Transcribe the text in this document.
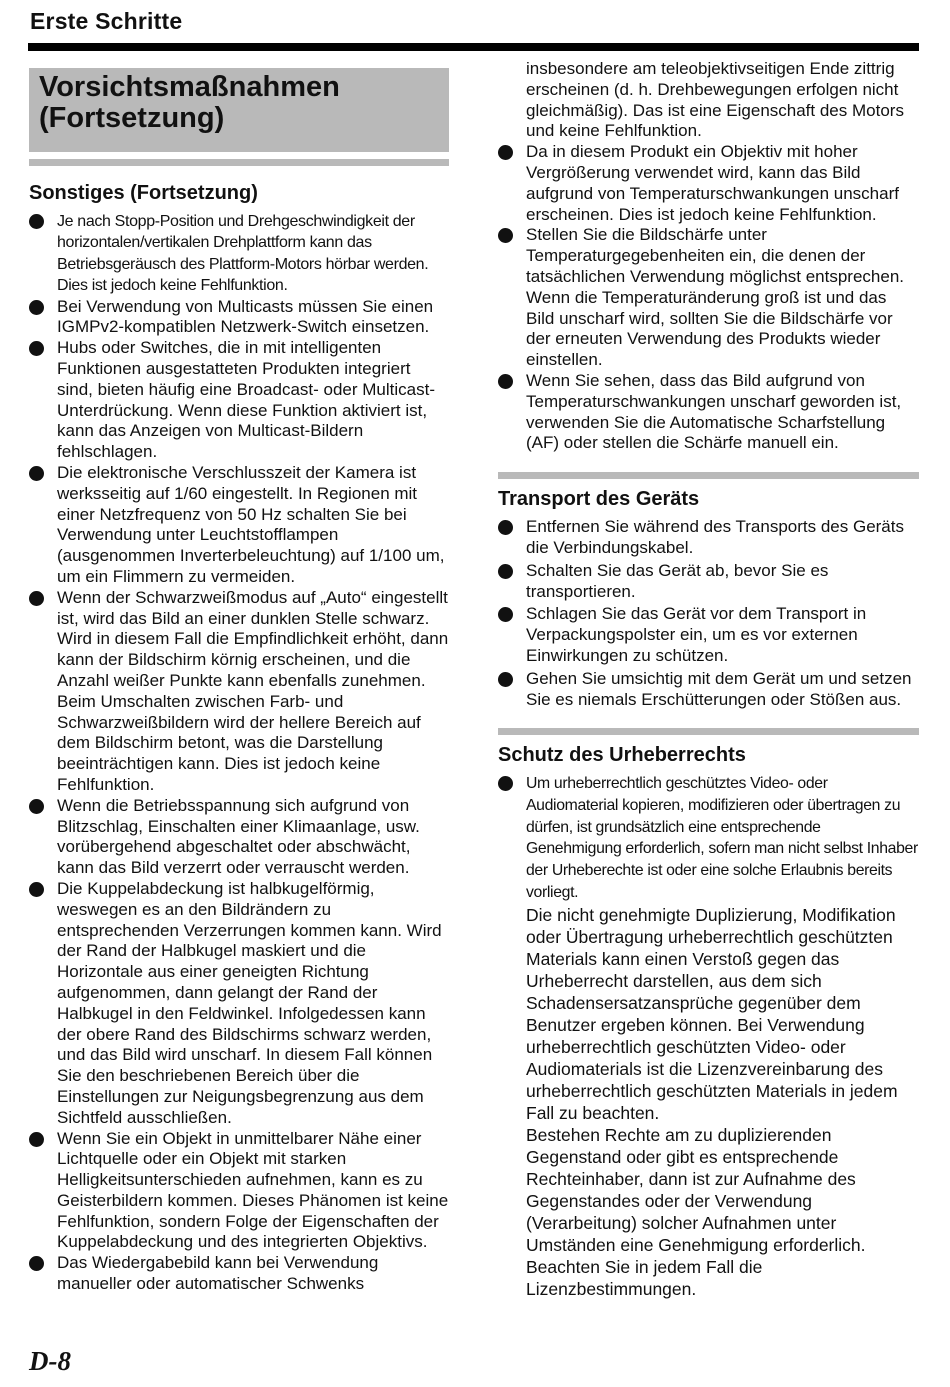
Erste Schritte
Vorsichtsmaßnahmen (Fortsetzung)
Sonstiges (Fortsetzung)
Je nach Stopp-Position und Drehgeschwindigkeit der horizontalen/vertikalen Drehplattform kann das Betriebsgeräusch des Plattform-Motors hörbar werden. Dies ist jedoch keine Fehlfunktion.
Bei Verwendung von Multicasts müssen Sie einen IGMPv2-kompatiblen Netzwerk-Switch einsetzen.
Hubs oder Switches, die in mit intelligenten Funktionen ausgestatteten Produkten integriert sind, bieten häufig eine Broadcast- oder Multicast-Unterdrückung. Wenn diese Funktion aktiviert ist, kann das Anzeigen von Multicast-Bildern fehlschlagen.
Die elektronische Verschlusszeit der Kamera ist werksseitig auf 1/60 eingestellt. In Regionen mit einer Netzfrequenz von 50 Hz schalten Sie bei Verwendung unter Leuchtstofflampen (ausgenommen Inverterbeleuchtung) auf 1/100 um, um ein Flimmern zu vermeiden.
Wenn der Schwarzweißmodus auf „Auto“ eingestellt ist, wird das Bild an einer dunklen Stelle schwarz. Wird in diesem Fall die Empfindlichkeit erhöht, dann kann der Bildschirm körnig erscheinen, und die Anzahl weißer Punkte kann ebenfalls zunehmen. Beim Umschalten zwischen Farb- und Schwarzweißbildern wird der hellere Bereich auf dem Bildschirm betont, was die Darstellung beeinträchtigen kann. Dies ist jedoch keine Fehlfunktion.
Wenn die Betriebsspannung sich aufgrund von Blitzschlag, Einschalten einer Klimaanlage, usw. vorübergehend abgeschaltet oder abschwächt, kann das Bild verzerrt oder verrauscht werden.
Die Kuppelabdeckung ist halbkugelförmig, weswegen es an den Bildrändern zu entsprechenden Verzerrungen kommen kann. Wird der Rand der Halbkugel maskiert und die Horizontale aus einer geneigten Richtung aufgenommen, dann gelangt der Rand der Halbkugel in den Feldwinkel. Infolgedessen kann der obere Rand des Bildschirms schwarz werden, und das Bild wird unscharf. In diesem Fall können Sie den beschriebenen Bereich über die Einstellungen zur Neigungsbegrenzung aus dem Sichtfeld ausschließen.
Wenn Sie ein Objekt in unmittelbarer Nähe einer Lichtquelle oder ein Objekt mit starken Helligkeitsunterschieden aufnehmen, kann es zu Geisterbildern kommen. Dieses Phänomen ist keine Fehlfunktion, sondern Folge der Eigenschaften der Kuppelabdeckung und des integrierten Objektivs.
Das Wiedergabebild kann bei Verwendung manueller oder automatischer Schwenks
insbesondere am teleobjektivseitigen Ende zittrig erscheinen (d. h. Drehbewegungen erfolgen nicht gleichmäßig). Das ist eine Eigenschaft des Motors und keine Fehlfunktion.
Da in diesem Produkt ein Objektiv mit hoher Vergrößerung verwendet wird, kann das Bild aufgrund von Temperaturschwankungen unscharf erscheinen. Dies ist jedoch keine Fehlfunktion.
Stellen Sie die Bildschärfe unter Temperaturgegebenheiten ein, die denen der tatsächlichen Verwendung möglichst entsprechen. Wenn die Temperaturänderung groß ist und das Bild unscharf wird, sollten Sie die Bildschärfe vor der erneuten Verwendung des Produkts wieder einstellen.
Wenn Sie sehen, dass das Bild aufgrund von Temperaturschwankungen unscharf geworden ist, verwenden Sie die Automatische Scharfstellung (AF) oder stellen die Schärfe manuell ein.
Transport des Geräts
Entfernen Sie während des Transports des Geräts die Verbindungskabel.
Schalten Sie das Gerät ab, bevor Sie es transportieren.
Schlagen Sie das Gerät vor dem Transport in Verpackungspolster ein, um es vor externen Einwirkungen zu schützen.
Gehen Sie umsichtig mit dem Gerät um und setzen Sie es niemals Erschütterungen oder Stößen aus.
Schutz des Urheberrechts
Um urheberrechtlich geschütztes Video- oder Audiomaterial kopieren, modifizieren oder übertragen zu dürfen, ist grundsätzlich eine entsprechende Genehmigung erforderlich, sofern man nicht selbst Inhaber der Urheberechte ist oder eine solche Erlaubnis bereits vorliegt.

Die nicht genehmigte Duplizierung, Modifikation oder Übertragung urheberrechtlich geschützten Materials kann einen Verstoß gegen das Urheberrecht darstellen, aus dem sich Schadensersatzansprüche gegenüber dem Benutzer ergeben können. Bei Verwendung urheberrechtlich geschützten Video- oder Audiomaterials ist die Lizenzvereinbarung des urheberrechtlich geschützten Materials in jedem Fall zu beachten.

Bestehen Rechte am zu duplizierenden Gegenstand oder gibt es entsprechende Rechteinhaber, dann ist zur Aufnahme des Gegenstandes oder der Verwendung (Verarbeitung) solcher Aufnahmen unter Umständen eine Genehmigung erforderlich. Beachten Sie in jedem Fall die Lizenzbestimmungen.

D-8
